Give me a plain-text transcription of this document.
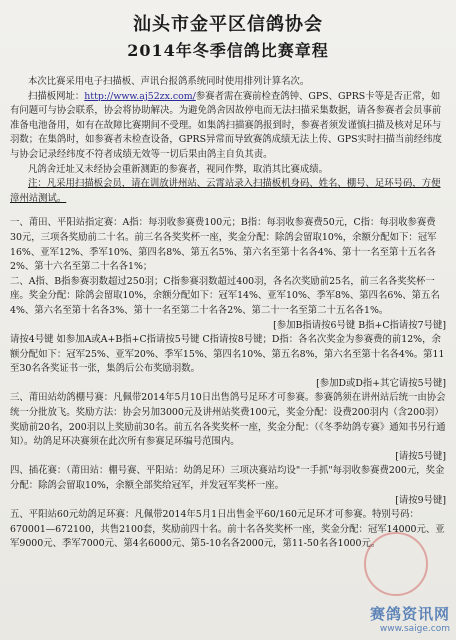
汕头市金平区信鸽协会
2014年冬季信鸽比赛章程

本次比赛采用电子扫描板、声讯台报鸽系统同时使用排列计算名次。

扫描板网址：http://www.aj52zx.com/参赛者需在赛前检查鸽钟、GPS、GPRS卡等是否正常，如有问题可与协会联系，协会将协助解决。为避免鸽舍因故停电而无法扫描采集数据，请各参赛者会员事前准备电池备用，如有在故障比赛期间不受理。如集鸽扫描赛鸽报到时，参赛者须发谨慎扫描及核对足环与羽数；在集鸽时，如参赛者未检查设备，GPRS异常而导致赛鸽成绩无法上传、GPS实时扫描当前经纬度与协会记录经纬度不符者成绩无效等一切后果由鸽主自负其责。

凡鸽舍迁址又未经协会重新测距的参赛者，视同作弊，取消其比赛成绩。

注：凡采用扫描板会员，请在训放讲州站、云霄站录入扫描板机身码、姓名、棚号、足环号码，方便漳州站测试。

一、莆田、平阳站指定赛：A指：每羽收参赛费100元；B指：每羽收参赛费50元，C指：每羽收参赛费30元，三项各奖励前二十名。前三名各奖奖杯一座，奖金分配：除鸽会留取10%，余额分配如下：冠军16%、亚军12%、季军10%、第四名8%、第五名5%、第六名至第十名各4%、第十一名至第十五名各2%、第十六名至第二十名各1%；

二、A指、B指参赛羽数超过250羽；C指参赛羽数超过400羽，各名次奖励前25名，前三名各奖奖杯一座。奖金分配：除鸽会留取10%，余额分配如下：冠军14%、亚军10%、季军8%、第四名6%、第五名4%、第六名至第十名各3%、第十一名至第二十名各2%、第二十一名至第二十五名各1%。

[参加B指请按6号键 B指+C指请按7号键]

请按4号键 如参加A或A+B指+C指请按5号键 C指请按8号键；D指：各名次奖金为参赛费的前12%，余额分配如下：冠军25%、亚军20%、季军15%、第四名10%、第五名8%，第六名至第十名各4%。第11至30名各奖证书一张，集鸽后公布奖励羽数。

[参加D或D指+其它请按5号键]

三、莆田站幼鸽棚号赛：凡佩带2014年5月10日出售鸽号足环才可参赛。参赛鸽须在讲州站后统一由协会统一分批放飞。奖励方法：协会另加3000元及讲州站奖费100元，奖金分配：设费200羽内（含200羽）奖励前20名，200羽以上奖励前30名。前五名各奖奖杯一座，奖金分配：（《冬季幼鸽专赛》通知书另行通知）。幼鸽足环决赛须在此次所有参赛足环编号范围内。

[请按5号键]

四、插花赛：（莆田站：棚号赛、平阳站：幼鸽足环）三项决赛站均设"一手抓"每羽收参赛费200元，奖金分配：除鸽会留取10%，余额全部奖给冠军，并发冠军奖杯一座。

[请按9号键]

五、平阳站60元幼鸽足环赛：凡佩带2014年5月1日出售金平60/160元足环才可参赛。特别号码：670001—672100，共售2100套，奖励前四十名。前十名各奖奖杯一座，奖金分配：冠军14000元、亚军9000元、季军7000元、第4名6000元、第5-10名各2000元，第11-50名各1000元。

赛鸽资讯网
www.saige.com
